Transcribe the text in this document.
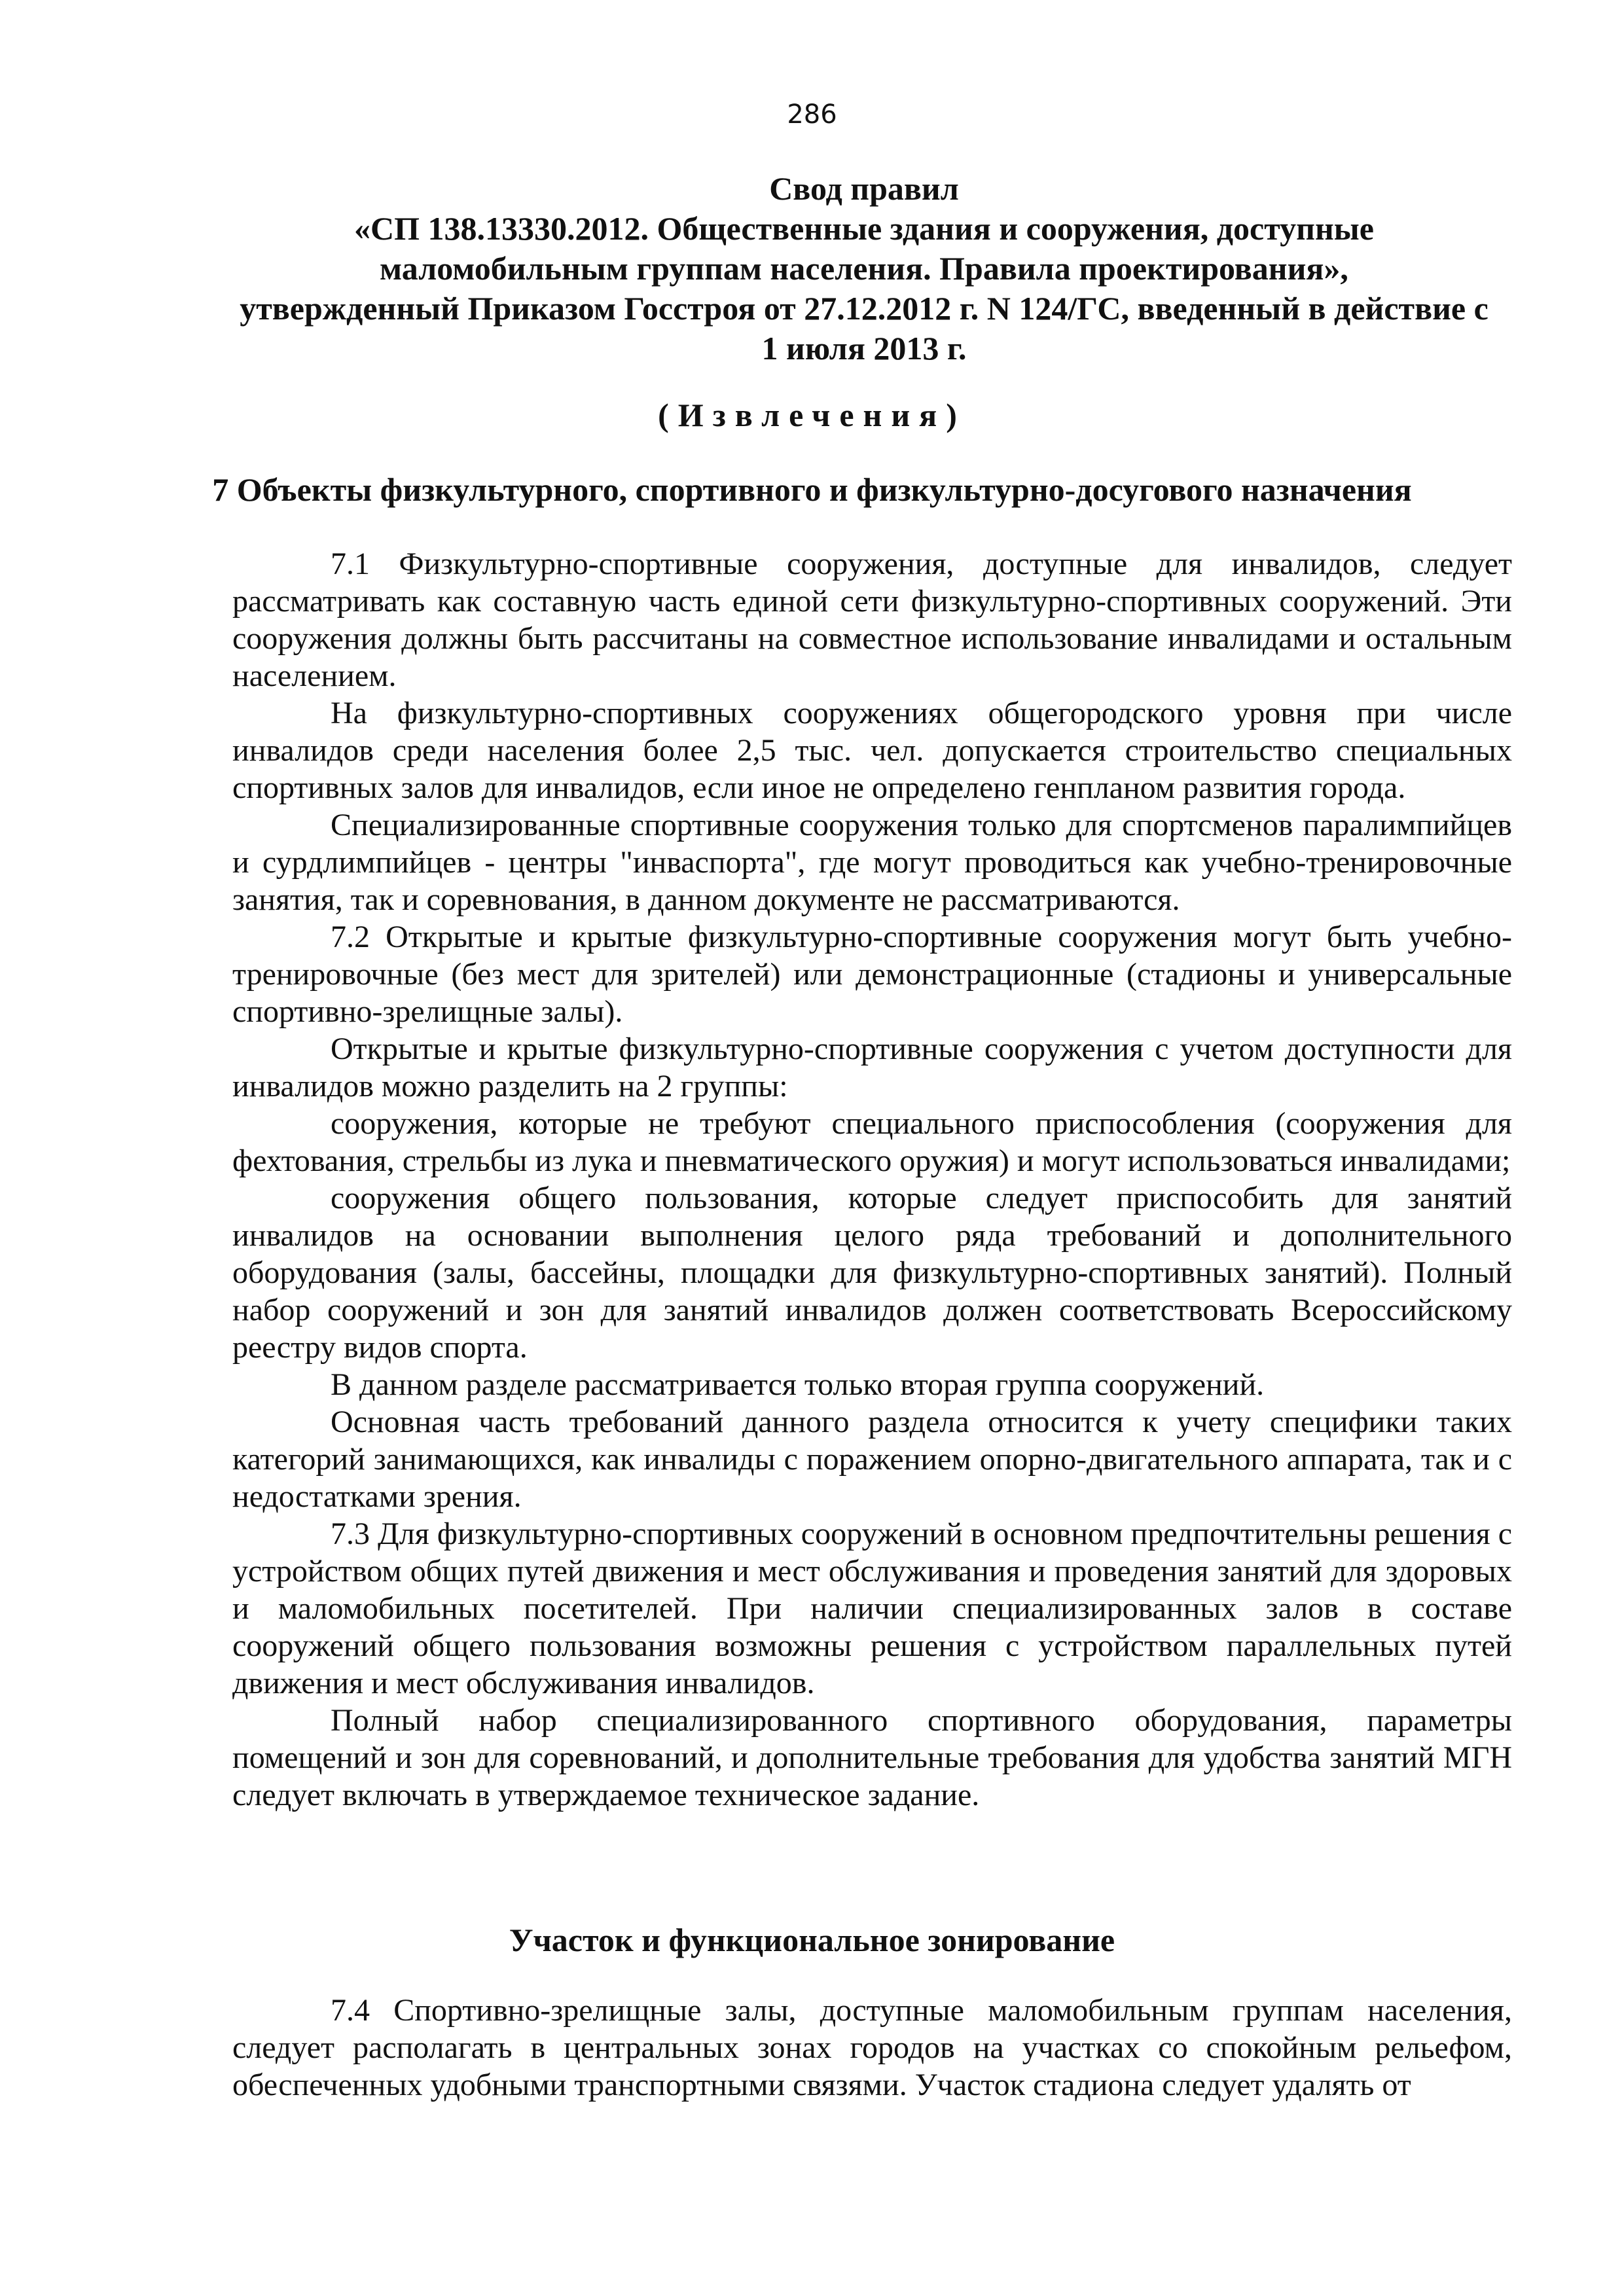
286
Свод правил
«СП 138.13330.2012. Общественные здания и сооружения, доступные
маломобильным группам населения. Правила проектирования»,
утвержденный Приказом Госстроя от 27.12.2012 г. N 124/ГС, введенный в действие с
1 июля 2013 г.
(Извлечения)
7 Объекты физкультурного, спортивного и физкультурно-досугового назначения

7.1 Физкультурно-спортивные сооружения, доступные для инвалидов, следует рассматривать как составную часть единой сети физкультурно-спортивных сооружений. Эти сооружения должны быть рассчитаны на совместное использование инвалидами и остальным населением.

На физкультурно-спортивных сооружениях общегородского уровня при числе инвалидов среди населения более 2,5 тыс. чел. допускается строительство специальных спортивных залов для инвалидов, если иное не определено генпланом развития города.

Специализированные спортивные сооружения только для спортсменов паралимпийцев и сурдлимпийцев - центры "инваспорта", где могут проводиться как учебно-тренировочные занятия, так и соревнования, в данном документе не рассматриваются.

7.2 Открытые и крытые физкультурно-спортивные сооружения могут быть учебно-тренировочные (без мест для зрителей) или демонстрационные (стадионы и универсальные спортивно-зрелищные залы).

Открытые и крытые физкультурно-спортивные сооружения с учетом доступности для инвалидов можно разделить на 2 группы:

сооружения, которые не требуют специального приспособления (сооружения для фехтования, стрельбы из лука и пневматического оружия) и могут использоваться инвалидами;

сооружения общего пользования, которые следует приспособить для занятий инвалидов на основании выполнения целого ряда требований и дополнительного оборудования (залы, бассейны, площадки для физкультурно-спортивных занятий). Полный набор сооружений и зон для занятий инвалидов должен соответствовать Всероссийскому реестру видов спорта.

В данном разделе рассматривается только вторая группа сооружений.

Основная часть требований данного раздела относится к учету специфики таких категорий занимающихся, как инвалиды с поражением опорно-двигательного аппарата, так и с недостатками зрения.

7.3 Для физкультурно-спортивных сооружений в основном предпочтительны решения с устройством общих путей движения и мест обслуживания и проведения занятий для здоровых и маломобильных посетителей. При наличии специализированных залов в составе сооружений общего пользования возможны решения с устройством параллельных путей движения и мест обслуживания инвалидов.

Полный набор специализированного спортивного оборудования, параметры помещений и зон для соревнований, и дополнительные требования для удобства занятий МГН следует включать в утверждаемое техническое задание.

Участок и функциональное зонирование

7.4 Спортивно-зрелищные залы, доступные маломобильным группам населения, следует располагать в центральных зонах городов на участках со спокойным рельефом, обеспеченных удобными транспортными связями. Участок стадиона следует удалять от
